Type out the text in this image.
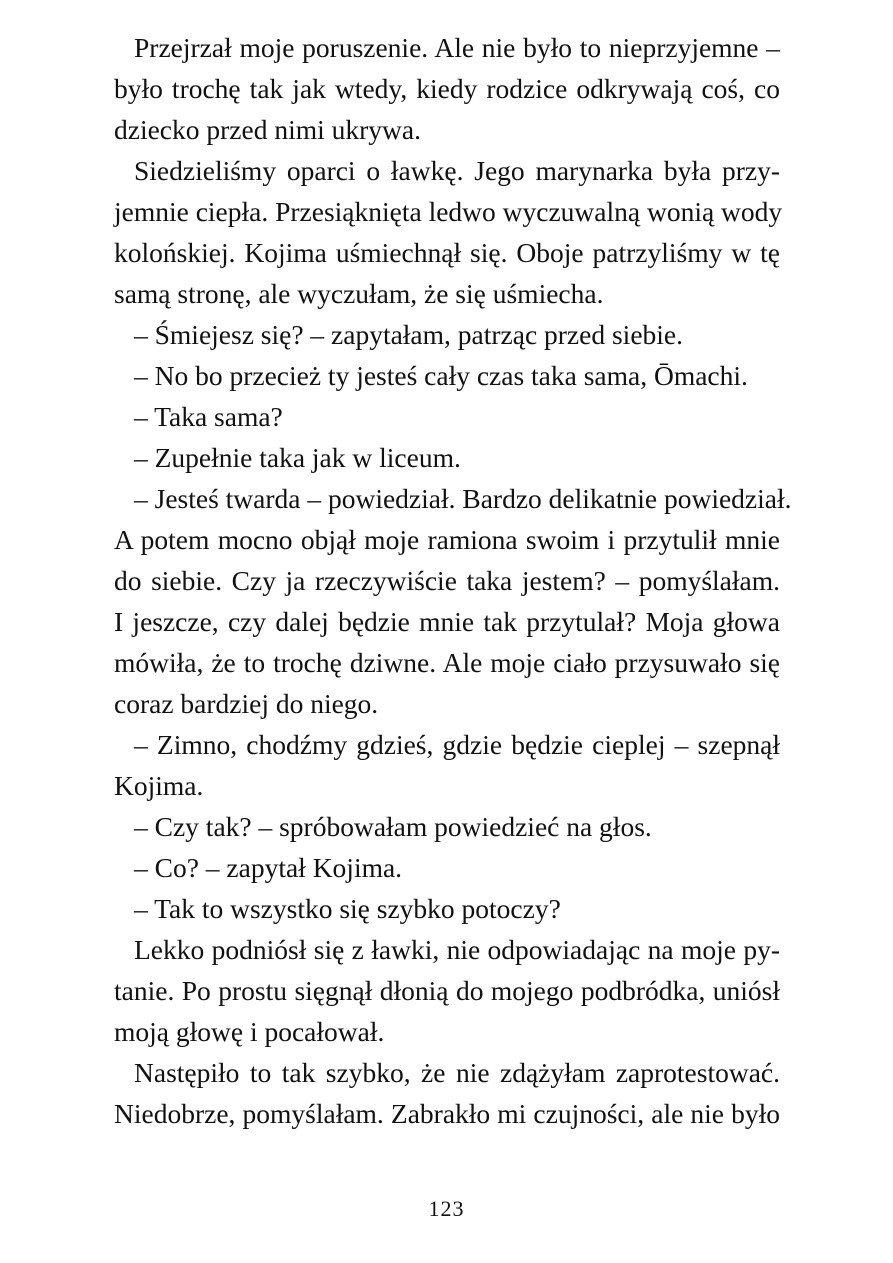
Przejrzał moje poruszenie. Ale nie było to nieprzyjemne –
było trochę tak jak wtedy, kiedy rodzice odkrywają coś, co
dziecko przed nimi ukrywa.
Siedzieliśmy oparci o ławkę. Jego marynarka była przy-
jemnie ciepła. Przesiąknięta ledwo wyczuwalną wonią wody
kolońskiej. Kojima uśmiechnął się. Oboje patrzyliśmy w tę
samą stronę, ale wyczułam, że się uśmiecha.
– Śmiejesz się? – zapytałam, patrząc przed siebie.
– No bo przecież ty jesteś cały czas taka sama, Ōmachi.
– Taka sama?
– Zupełnie taka jak w liceum.
– Jesteś twarda – powiedział. Bardzo delikatnie powiedział.
A potem mocno objął moje ramiona swoim i przytulił mnie
do siebie. Czy ja rzeczywiście taka jestem? – pomyślałam.
I jeszcze, czy dalej będzie mnie tak przytulał? Moja głowa
mówiła, że to trochę dziwne. Ale moje ciało przysuwało się
coraz bardziej do niego.
– Zimno, chodźmy gdzieś, gdzie będzie cieplej – szepnął
Kojima.
– Czy tak? – spróbowałam powiedzieć na głos.
– Co? – zapytał Kojima.
– Tak to wszystko się szybko potoczy?
Lekko podniósł się z ławki, nie odpowiadając na moje py-
tanie. Po prostu sięgnął dłonią do mojego podbródka, uniósł
moją głowę i pocałował.
Następiło to tak szybko, że nie zdążyłam zaprotestować.
Niedobrze, pomyślałam. Zabrakło mi czujności, ale nie było
123
